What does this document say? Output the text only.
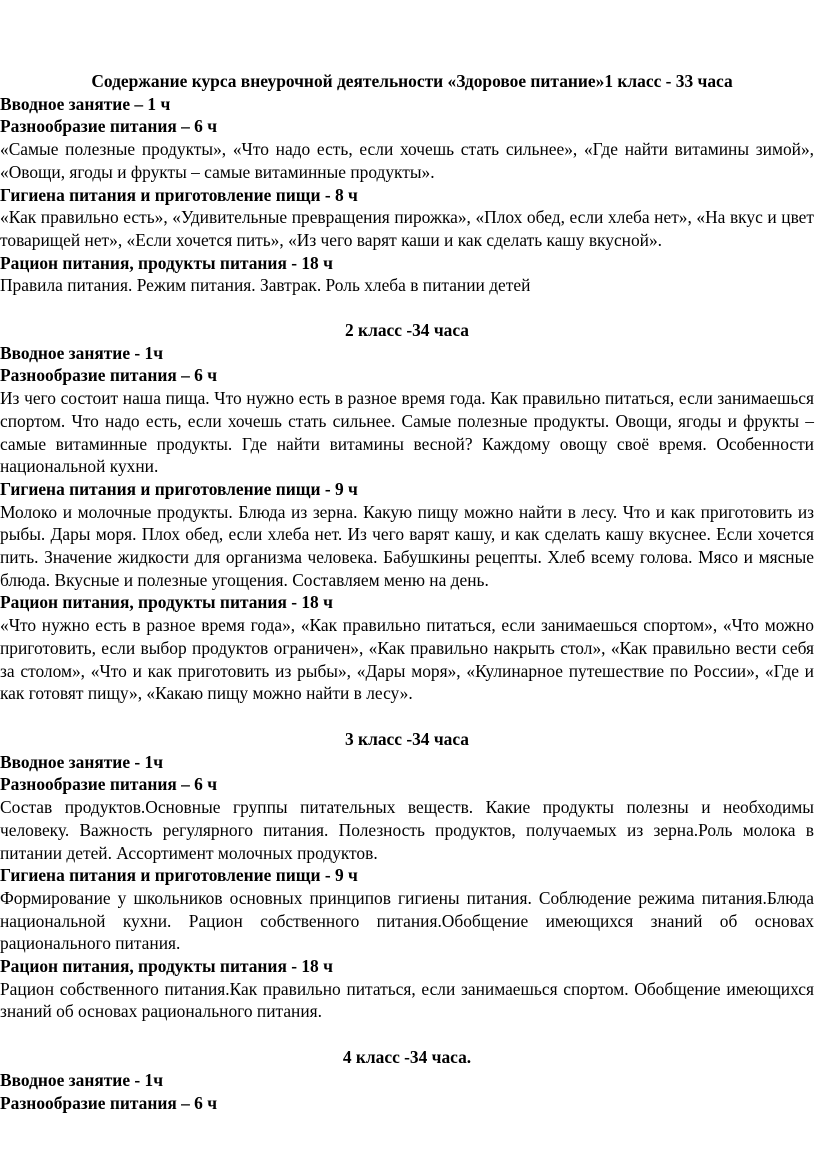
Содержание курса внеурочной деятельности «Здоровое питание»1 класс - 33 часа

Вводное занятие – 1 ч

Разнообразие питания – 6 ч

«Самые полезные продукты», «Что надо есть, если хочешь стать сильнее», «Где найти витамины зимой», «Овощи, ягоды и фрукты – самые витаминные продукты».

Гигиена питания и приготовление пищи - 8 ч

«Как правильно есть», «Удивительные превращения пирожка», «Плох обед, если хлеба нет», «На вкус и цвет товарищей нет», «Если хочется пить», «Из чего варят каши и как сделать кашу вкусной».

Рацион питания, продукты питания - 18 ч

Правила питания. Режим питания. Завтрак. Роль хлеба в питании детей

2 класс -34 часа

Вводное занятие - 1ч

Разнообразие питания – 6 ч

Из чего состоит наша пища. Что нужно есть в разное время года. Как правильно питаться, если занимаешься спортом. Что надо есть, если хочешь стать сильнее. Самые полезные продукты. Овощи, ягоды и фрукты – самые витаминные продукты. Где найти витамины весной? Каждому овощу своё время. Особенности национальной кухни.

Гигиена питания и приготовление пищи - 9 ч

Молоко и молочные продукты. Блюда из зерна. Какую пищу можно найти в лесу. Что и как приготовить из рыбы. Дары моря. Плох обед, если хлеба нет. Из чего варят кашу, и как сделать кашу вкуснее. Если хочется пить. Значение жидкости для организма человека. Бабушкины рецепты. Хлеб всему голова. Мясо и мясные блюда. Вкусные и полезные угощения. Составляем меню на день.

Рацион питания, продукты питания - 18 ч

«Что нужно есть в разное время года», «Как правильно питаться, если занимаешься спортом», «Что можно приготовить, если выбор продуктов ограничен», «Как правильно накрыть стол», «Как правильно вести себя за столом», «Что и как приготовить из рыбы», «Дары моря», «Кулинарное путешествие по России», «Где и как готовят пищу», «Какаю пищу можно найти в лесу».

3 класс -34 часа

Вводное занятие - 1ч

Разнообразие питания – 6 ч

Состав продуктов.Основные группы питательных веществ. Какие продукты полезны и необходимы человеку. Важность регулярного питания. Полезность продуктов, получаемых из зерна.Роль молока в питании детей. Ассортимент молочных продуктов.

Гигиена питания и приготовление пищи - 9 ч

Формирование у школьников основных принципов гигиены питания. Соблюдение режима питания.Блюда национальной кухни. Рацион собственного питания.Обобщение имеющихся знаний об основах рационального питания.

Рацион питания, продукты питания - 18 ч

Рацион собственного питания.Как правильно питаться, если занимаешься спортом. Обобщение имеющихся знаний об основах рационального питания.

4 класс -34 часа.

Вводное занятие - 1ч

Разнообразие питания – 6 ч
